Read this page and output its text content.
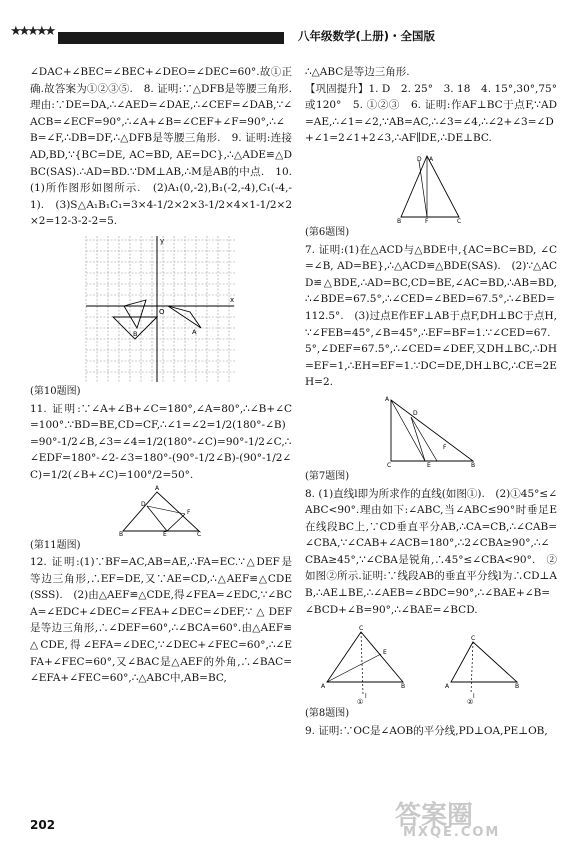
★★★★★	八年级数学(上册)・全国版

∠DAC+∠BEC=∠BEC+∠DEO=∠DEC=60°.故①正确.故答案为①②③⑤.　8. 证明:∵△DFB是等腰三角形.理由:∵DE=DA,∴∠AED=∠DAE,∴∠CEF=∠DAB,∵∠ACB=∠ECF=90°,∴∠A+∠B=∠CEF+∠F=90°,∴∠B=∠F,∴DB=DF,∴△DFB是等腰三角形.　9. 证明:连接AD,BD,∵{BC=DE, AC=BD, AE=DC},∴△ADE≌△DBC(SAS).∴AD=BD.∵DM⊥AB,∴M是AB的中点.　10. (1)所作图形如图所示.　(2)A₁(0,-2),B₁(-2,-4),C₁(-4,-1).　(3)S△A₁B₁C₁=3×4-1/2×2×3-1/2×4×1-1/2×2×2=12-3-2-2=5.

x
y
O
B	A

(第10题图)

11. 证明:∵∠A+∠B+∠C=180°,∠A=80°,∴∠B+∠C=100°.∵BD=BE,CD=CF,∴∠1=∠2=1/2(180°-∠B)=90°-1/2∠B,∠3=∠4=1/2(180°-∠C)=90°-1/2∠C,∴∠EDF=180°-∠2-∠3=180°-(90°-1/2∠B)-(90°-1/2∠C)=1/2(∠B+∠C)=100°/2=50°.

A
B	E	C
D
F

(第11题图)

12. 证明:(1)∵BF=AC,AB=AE,∴FA=EC.∵△DEF是等边三角形,∴EF=DE,又∵AE=CD,∴△AEF≌△CDE(SSS).　(2)由△AEF≌△CDE,得∠FEA=∠EDC,∵∠BCA=∠EDC+∠DEC=∠FEA+∠DEC=∠DEF,∵△DEF是等边三角形,∴∠DEF=60°,∴∠BCA=60°.由△AEF≌△CDE,得∠EFA=∠DEC,∵∠DEC+∠FEC=60°,∴∠EFA+∠FEC=60°,又∠BAC是△AEF的外角,∴∠BAC=∠EFA+∠FEC=60°,∴△ABC中,AB=BC,

∴△ABC是等边三角形.

【巩固提升】1. D　2. 25°　3. 18　4. 15°,30°,75°或120°　5. ①②③　6. 证明:作AF⊥BC于点F,∵AD=AE,∴∠1=∠2,∵AB=AC,∴∠3=∠4,∴∠2+∠3=∠D+∠1=2∠1+2∠3,∴AF∥DE,∴DE⊥BC.

D A
B	C
F

(第6题图)

7. 证明:(1)在△ACD与△BDE中,{AC=BC=BD, ∠C=∠B, AD=BE},∴△ACD≌△BDE(SAS).　(2)∵△ACD≌△BDE,∴AD=BC,CD=BE,∠AC=BD,∴AB=BD,∴∠BDE=67.5°,∴∠CED=∠BED=67.5°,∴∠BED=112.5°.　(3)过点E作EF⊥AB于点F,DH⊥BC于点H,∵∠FEB=45°,∠B=45°,∴EF=BF=1.∵∠CED=67.5°,∠DEF=67.5°,∴∠CED=∠DEF,又DH⊥BC,∴DH=EF=1,∴EH=EF=1.∵DC=DE,DH⊥BC,∴CE=2EH=2.

A
D
C	B
E
F

(第7题图)

8. (1)直线l即为所求作的直线(如图①).　(2)①45°≤∠ABC<90°.理由如下:∠ABC,当∠ABC≤90°时垂足E在线段BC上,∵CD垂直平分AB,∴CA=CB,∴∠CAB=∠CBA,∵∠CAB+∠ACB=180°,∴2∠CBA≥90°,∴∠CBA≥45°,∵∠CBA是锐角,∴45°≤∠CBA<90°.　②如图②所示.证明:∵线段AB的垂直平分线l为∴CD⊥AB,∴AE⊥BE,∴∠AEB=∠BDC=90°,∴∠BAE+∠B=∠BCD+∠B=90°,∴∠BAE=∠BCD.

C
A	B
E
l
①
C
A	B
l
②

(第8题图)

9. 证明:∵OC是∠AOB的平分线,PD⊥OA,PE⊥OB,

202	答案圈
MXQE.COM
